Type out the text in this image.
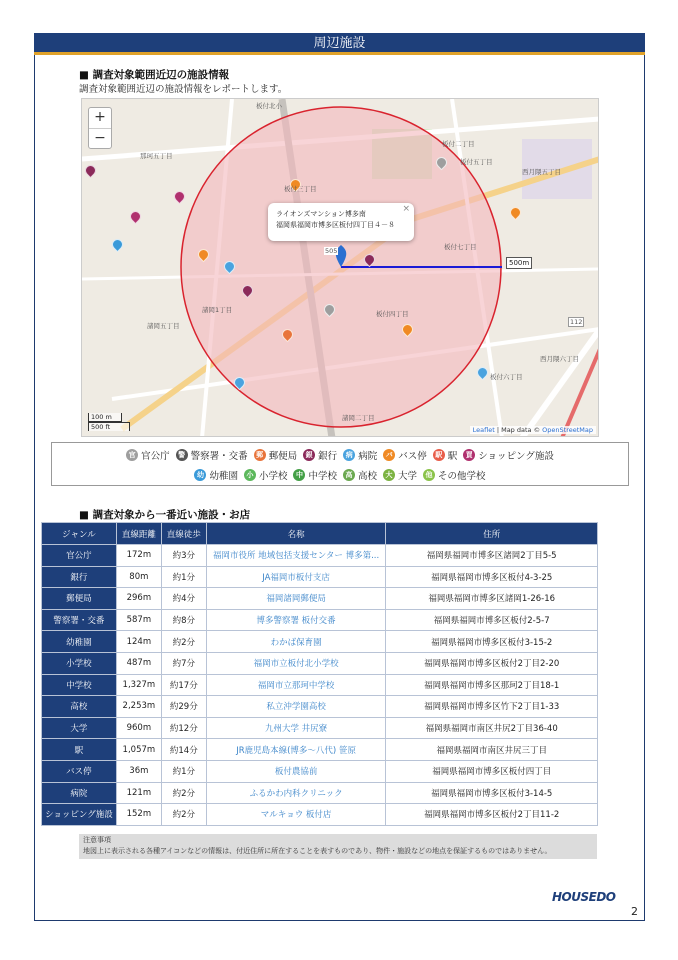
周辺施設
■ 調査対象範囲近辺の施設情報
調査対象範囲近辺の施設情報をレポートします。
那珂五丁目
板付三丁目
板付二丁目
板付五丁目
西月隈五丁目
板付七丁目
板付六丁目
板付四丁目
諸岡五丁目
諸岡1丁目
諸岡二丁目
西月隈六丁目
板付北小
505
112
+
−
×
ライオンズマンション博多南
福岡県福岡市博多区板付四丁目４－８
500m
100 m
500 ft	Leaflet | Map data © OpenStreetMap
官 官公庁	警 警察署・交番	郵 郵便局	銀 銀行	病 病院	バ バス停	駅 駅	買 ショッピング施設
幼 幼稚園	小 小学校	中 中学校	高 高校	大 大学	他 その他学校
■ 調査対象から一番近い施設・お店
ジャンル	直線距離	直線徒歩	名称	住所
官公庁	172m	約3分	福岡市役所 地域包括支援センター 博多第...	福岡県福岡市博多区諸岡2丁目5-5
銀行	80m	約1分	JA福岡市板付支店	福岡県福岡市博多区板付4-3-25
郵便局	296m	約4分	福岡諸岡郵便局	福岡県福岡市博多区諸岡1-26-16
警察署・交番	587m	約8分	博多警察署 板付交番	福岡県福岡市博多区板付2-5-7
幼稚園	124m	約2分	わかば保育園	福岡県福岡市博多区板付3-15-2
小学校	487m	約7分	福岡市立板付北小学校	福岡県福岡市博多区板付2丁目2-20
中学校	1,327m	約17分	福岡市立那珂中学校	福岡県福岡市博多区那珂2丁目18-1
高校	2,253m	約29分	私立沖学園高校	福岡県福岡市博多区竹下2丁目1-33
大学	960m	約12分	九州大学 井尻寮	福岡県福岡市南区井尻2丁目36-40
駅	1,057m	約14分	JR鹿児島本線(博多～八代) 笹原	福岡県福岡市南区井尻三丁目
バス停	36m	約1分	板付農協前	福岡県福岡市博多区板付四丁目
病院	121m	約2分	ふるかわ内科クリニック	福岡県福岡市博多区板付3-14-5
ショッピング施設	152m	約2分	マルキョウ 板付店	福岡県福岡市博多区板付2丁目11-2
注意事項
地図上に表示される各種アイコンなどの情報は、付近住所に所在することを表すものであり、物件・施設などの地点を保証するものではありません。
HOUSEDO
2
